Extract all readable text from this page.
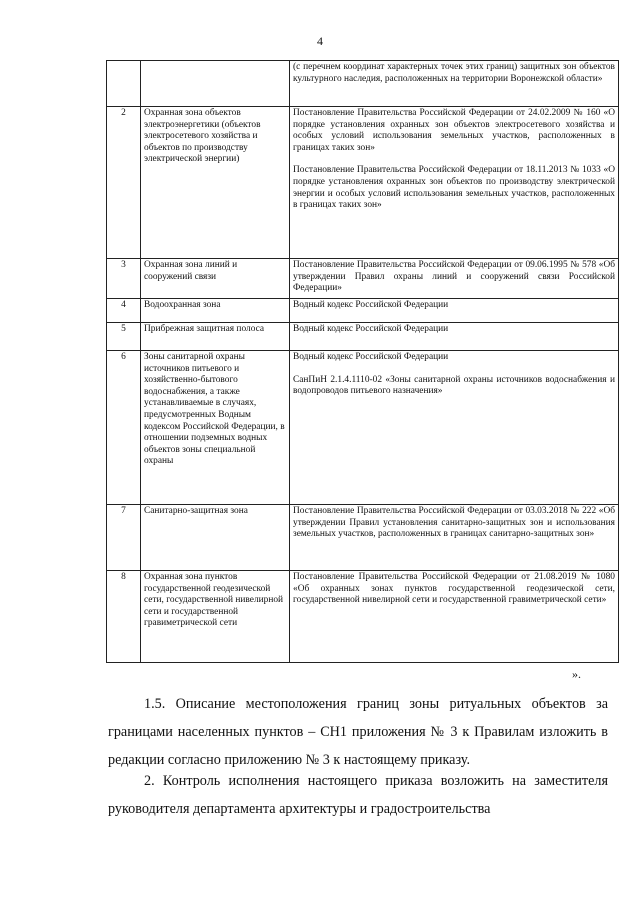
4

		(с перечнем координат характерных точек этих границ) защитных зон объектов культурного наследия, расположенных на территории Воронежской области»

2	Охранная зона объектов электроэнергетики (объектов электросетевого хозяйства и объектов по производству электрической энергии)	Постановление Правительства Российской Федерации от 24.02.2009 № 160 «О порядке установления охранных зон объектов электросетевого хозяйства и особых условий использования земельных участков, расположенных в границах таких зон»

Постановление Правительства Российской Федерации от 18.11.2013 № 1033 «О порядке установления охранных зон объектов по производству электрической энергии и особых условий использования земельных участков, расположенных в границах таких зон»

3	Охранная зона линий и сооружений связи	Постановление Правительства Российской Федерации от 09.06.1995 № 578 «Об утверждении Правил охраны линий и сооружений связи Российской Федерации»

4	Водоохранная зона	Водный кодекс Российской Федерации

5	Прибрежная защитная полоса	Водный кодекс Российской Федерации

6	Зоны санитарной охраны источников питьевого и хозяйственно-бытового водоснабжения, а также устанавливаемые в случаях, предусмотренных Водным кодексом Российской Федерации, в отношении подземных водных объектов зоны специальной охраны	Водный кодекс Российской Федерации

СанПиН 2.1.4.1110-02 «Зоны санитарной охраны источников водоснабжения и водопроводов питьевого назначения»

7	Санитарно-защитная зона	Постановление Правительства Российской Федерации от 03.03.2018 № 222 «Об утверждении Правил установления санитарно-защитных зон и использования земельных участков, расположенных в границах санитарно-защитных зон»

8	Охранная зона пунктов государственной геодезической сети, государственной нивелирной сети и государственной гравиметрической сети	Постановление Правительства Российской Федерации от 21.08.2019 № 1080 «Об охранных зонах пунктов государственной геодезической сети, государственной нивелирной сети и государственной гравиметрической сети»

».

1.5. Описание местоположения границ зоны ритуальных объектов за границами населенных пунктов – СН1 приложения № 3 к Правилам изложить в редакции согласно приложению № 3 к настоящему приказу.

2. Контроль исполнения настоящего приказа возложить на заместителя руководителя департамента архитектуры и градостроительства
